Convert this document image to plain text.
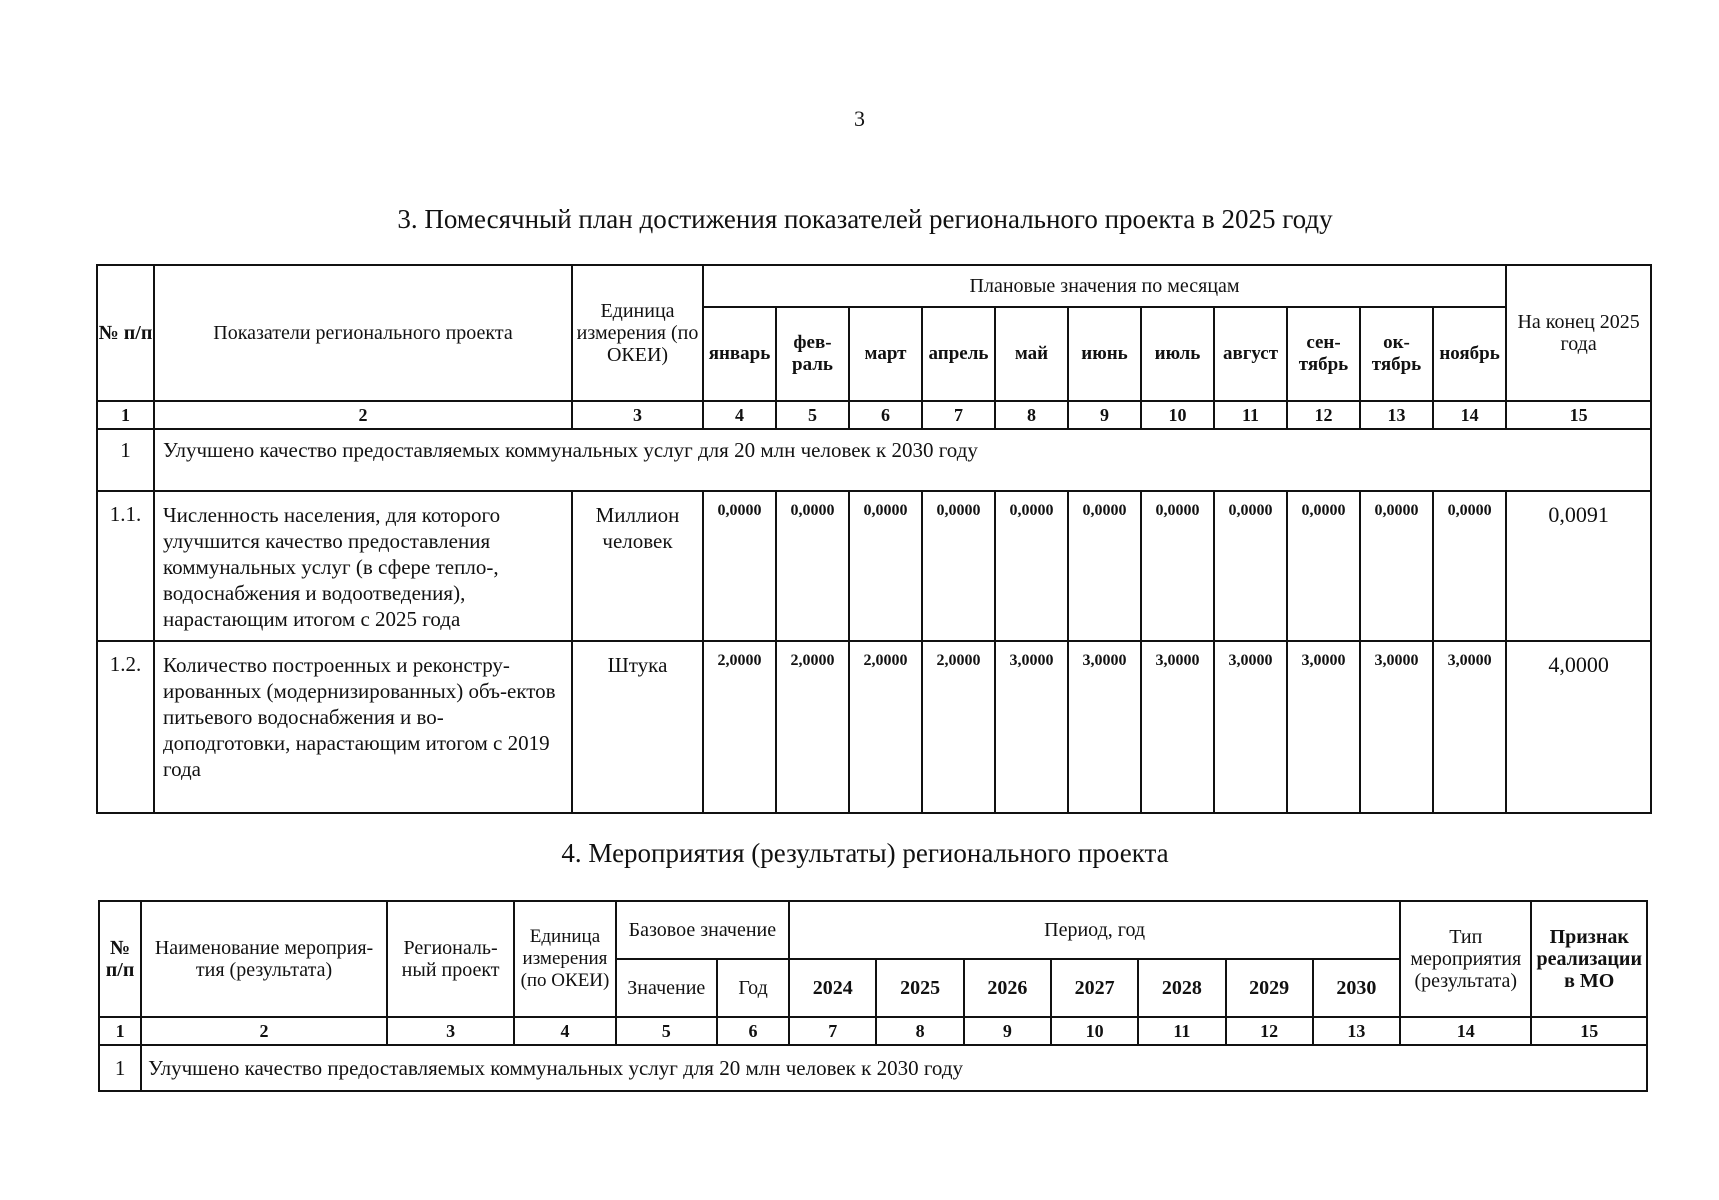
3
3. Помесячный план достижения показателей регионального проекта в 2025 году
№ п/п	Показатели регионального проекта	Единица измерения (по ОКЕИ)	Плановые значения по месяцам											На конец 2025 года
			январь	фев-раль	март	апрель	май	июнь	июль	август	сен-тябрь	ок-тябрь	ноябрь	
1	2	3	4	5	6	7	8	9	10	11	12	13	14	15
1	Улучшено качество предоставляемых коммунальных услуг для 20 млн человек к 2030 году													
1.1.	Численность населения, для которого улучшится качество предоставления коммунальных услуг (в сфере тепло-, водоснабжения и водоотведения), нарастающим итогом с 2025 года	Миллион человек	0,0000	0,0000	0,0000	0,0000	0,0000	0,0000	0,0000	0,0000	0,0000	0,0000	0,0000	0,0091
1.2.	Количество построенных и реконстру-ированных (модернизированных) объ-ектов питьевого водоснабжения и во-доподготовки, нарастающим итогом с 2019 года	Штука	2,0000	2,0000	2,0000	2,0000	3,0000	3,0000	3,0000	3,0000	3,0000	3,0000	3,0000	4,0000
4. Мероприятия (результаты) регионального проекта
№ п/п	Наименование мероприя-тия (результата)	Региональ-ный проект	Единица измерения (по ОКЕИ)	Базовое значение		Период, год							Тип мероприятия (результата)	Признак реализации в МО
				Значение	Год	2024	2025	2026	2027	2028	2029	2030		
1	2	3	4	5	6	7	8	9	10	11	12	13	14	15
1	Улучшено качество предоставляемых коммунальных услуг для 20 млн человек к 2030 году													
